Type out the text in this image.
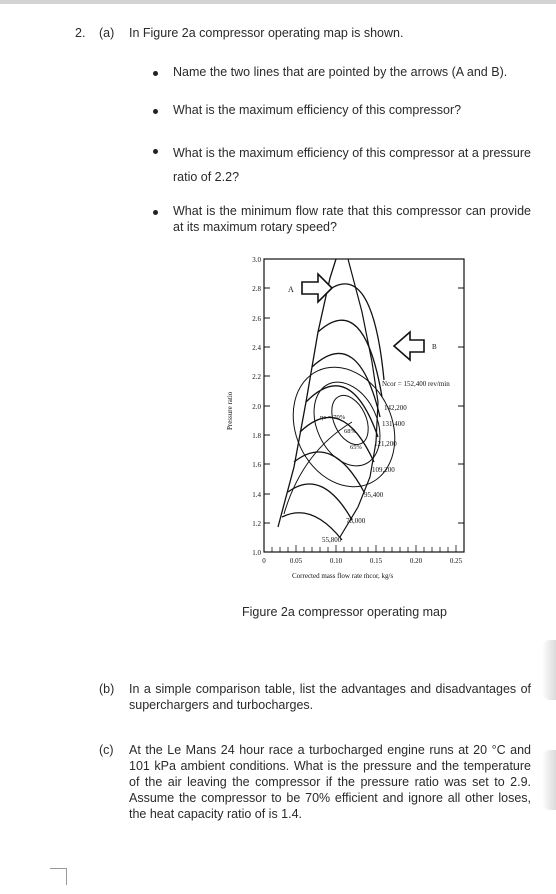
2. (a) In Figure 2a compressor operating map is shown.
Name the two lines that are pointed by the arrows (A and B).
What is the maximum efficiency of this compressor?
What is the maximum efficiency of this compressor at a pressure ratio of 2.2?
What is the minimum flow rate that this compressor can provide at its maximum rotary speed?
A
B
Ncor = 152,400 rev/min
142,200
131,400
121,200
109,200
95,400
78,000
55,800
ηc = 70%
68%
65%
3.0
2.8
2.6
2.4
2.2
2.0
1.8
1.6
1.4
1.2
1.0
0	0.05	0.10	0.15	0.20	0.25
Corrected mass flow rate ṁcor, kg/s
Pressure ratio
Figure 2a compressor operating map
(b) In a simple comparison table, list the advantages and disadvantages of superchargers and turbocharges.
(c) At the Le Mans 24 hour race a turbocharged engine runs at 20 °C and 101 kPa ambient conditions. What is the pressure and the temperature of the air leaving the compressor if the pressure ratio was set to 2.9. Assume the compressor to be 70% efficient and ignore all other loses, the heat capacity ratio of is 1.4.
